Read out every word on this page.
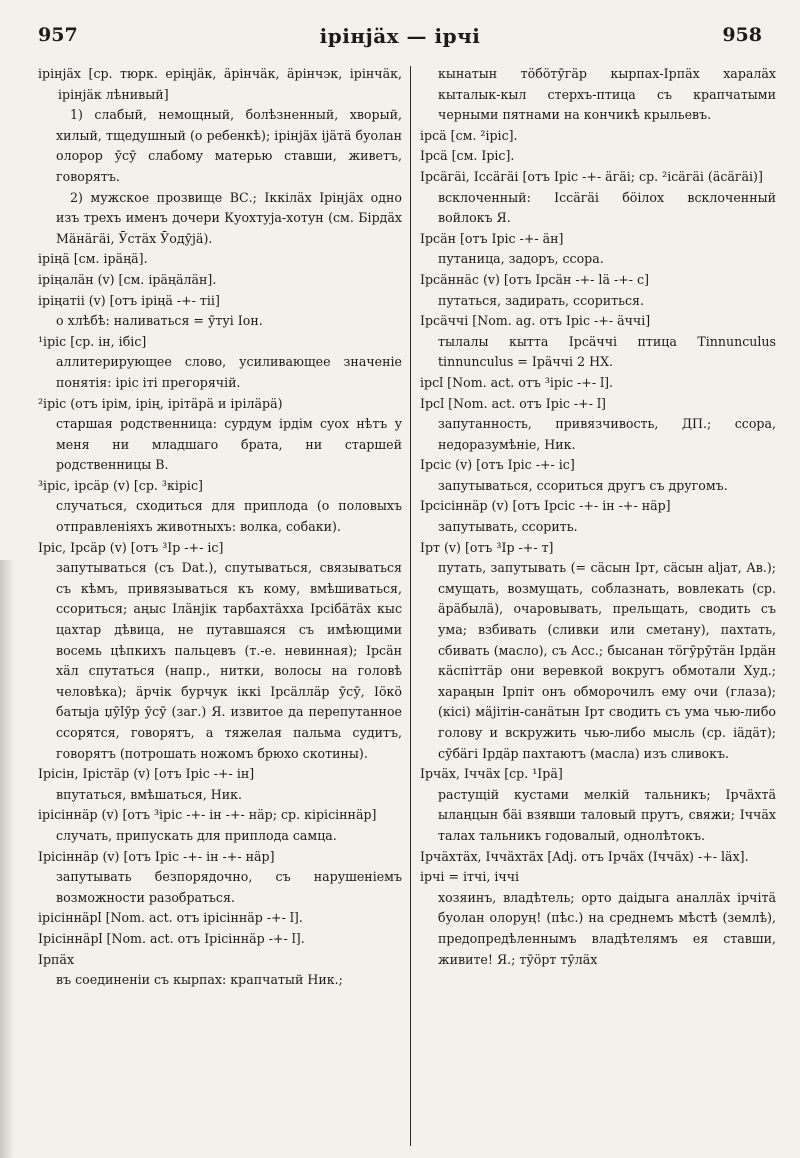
957	ірінјӓх — ірчі	958

ірінјӓх [ср. тюрк. еріңјӓк, ӓрінчӓк, ӓрінчэк, ірінчӓк, ірінјӓк лѣнивый]

1) слабый, немощный, болѣзненный, хворый, хилый, тщедушный (о ребенкѣ); ірінјӓх іјӓтӓ буолан олорор ӯсӯ слабому матерью ставши, живетъ, говорятъ.

2) мужское прозвище ВС.; Іккілӓх Ірінјӓх одно изъ трехъ именъ дочери Куохтуја-хотун (см. Бірдӓх Мӓнӓгӓі, Ӯстӓх Ӯодӯјӓ).

іріңӓ [см. ірӓңӓ].

іріңалӓн (v) [см. ірӓңӓлӓн].

іріңатіі (v) [отъ іріңӓ -+- тіі]

о хлѣбѣ: наливаться = ӯтуі Іон.

¹іріс [ср. ін, ібіс]

аллитерирующее слово, усиливающее значеніе понятія: іріс іті прегорячій.

²іріс (отъ ірім, ірің, ірітӓрӓ и ірілӓрӓ)

старшая родственница: сурдум ірдім суох нѣтъ у меня ни младшаго брата, ни старшей родственницы В.

³іріс, ірсӓр (v) [ср. ³кіріс]

случаться, сходиться для приплода (о половыхъ отправленіяхъ животныхъ: волка, собаки).

Іріс, Ірсӓр (v) [отъ ³Ір -+- іс]

запутываться (съ Dat.), спутываться, связываться съ кѣмъ, привязываться къ кому, вмѣшиваться, ссориться; аңыс Ілӓнјік тарбахтӓхха Ірсібӓтӓх кыс цахтар дѣвица, не путавшаяся съ имѣющими восемь цѣпкихъ пальцевъ (т.-е. невинная); Ірсӓн хӓл спутаться (напр., нитки, волосы на головѣ человѣка); ӓрчік бурчук іккі Ірсӓллӓр ӯсӯ, Іӧкӧ батыја џӯӏӯр ӯсӯ (заг.) Я. извитое да перепутанное ссорятся, говорятъ, а тяжелая пальма судитъ, говорятъ (потрошать ножомъ брюхо скотины).

Ірісін, Ірістӓр (v) [отъ Іріс -+- ін]

впутаться, вмѣшаться, Ник.

ірісіннӓр (v) [отъ ³іріс -+- ін -+- нӓр; ср. кірісіннӓр]

случать, припускать для приплода самца.

Ірісіннӓр (v) [отъ Іріс -+- ін -+- нӓр]

запутывать безпорядочно, съ нарушеніемъ возможности разобраться.

ірісіннӓрӏ [Nom. act. отъ ірісіннӓр -+- ӏ].

Ірісіннӓрӏ [Nom. act. отъ Ірісіннӓр -+- ӏ].

Ірпӓх

въ соединеніи съ кырпах: крапчатый Ник.;

кынатын тӧбӧтӯгӓр кырпах-Ірпӓх харалӓх кыталык-кыл стерхъ-птица съ крапчатыми черными пятнами на кончикѣ крыльевъ.

ірсӓ [см. ²іріс].

Ірсӓ [см. Іріс].

Ірсӓгӓі, Іссӓгӓі [отъ Іріс -+- ӓгӓі; ср. ²ісӓгӓі (ӓсӓгӓі)]

всклоченный: Іссӓгӓі бӧілох всклоченный войлокъ Я.

Ірсӓн [отъ Іріс -+- ӓн]

путаница, задоръ, ссора.

Ірсӓннӓс (v) [отъ Ірсӓн -+- lӓ -+- с]

путаться, задирать, ссориться.

Ірсӓччі [Nom. ag. отъ Іріс -+- ӓччі]

тылалы кытта Ірсӓччі птица Tinnunculus tinnunculus = Ірӓччі 2 НХ.

ірсӏ [Nom. act. отъ ³іріс -+- ӏ].

Ірсӏ [Nom. act. отъ Іріс -+- ӏ]

запутанность, привязчивость, ДП.; ссора, недоразумѣніе, Ник.

Ірсіс (v) [отъ Іріс -+- іс]

запутываться, ссориться другъ съ другомъ.

Ірсісіннӓр (v) [отъ Ірсіс -+- ін -+- нӓр]

запутывать, ссорить.

Ірт (v) [отъ ³Ір -+- т]

путать, запутывать (= сӓсын Ірт, сӓсын аljат, Ав.); смущать, возмущать, соблазнать, вовлекать (ср. ӓрӓбылӓ), очаровывать, прельщать, сводить съ ума; взбивать (сливки или сметану), пахтать, сбивать (масло), съ Асс.; бысанан тӧгӯрӯтӓн Ірдӓн кӓспіттӓр они веревкой вокругъ обмотали Худ.; хараңын Ірпіт онъ обморочилъ ему очи (глаза); (кісі) мӓјітін-санӓтын Ірт сводить съ ума чью-либо голову и вскружить чью-либо мысль (ср. іӓдӓт); сӯбӓгі Ірдӓр пахтаютъ (масла) изъ сливокъ.

Ірчӓх, Іччӓх [ср. ¹Ірӓ]

растущій кустами мелкій тальникъ; Ірчӓхтӓ ылаңцын бӓі взявши таловый прутъ, свяжи; Іччӓх талах тальникъ годовалый, однолѣтокъ.

Ірчӓхтӓх, Іччӓхтӓх [Adj. отъ Ірчӓх (Іччӓх) -+- lӓх].

ірчі = ітчі, іччі

хозяинъ, владѣтель; орто даідыга аналлӓх ірчітӓ буолан олоруң! (пѣс.) на среднемъ мѣстѣ (землѣ), предопредѣленнымъ владѣтелямъ ея ставши, живите! Я.; тӯӧрт тӯлӓх
